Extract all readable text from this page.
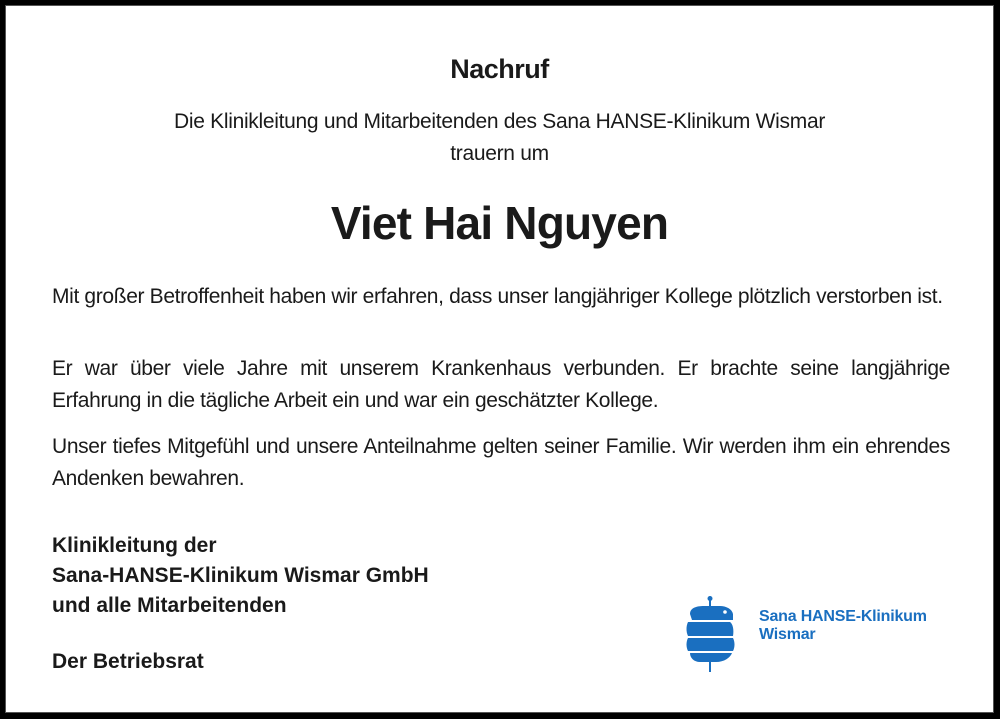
Nachruf
Die Klinikleitung und Mitarbeitenden des Sana HANSE-Klinikum Wismar
trauern um
Viet Hai Nguyen
Mit großer Betroffenheit haben wir erfahren, dass unser langjähriger Kollege plötzlich verstorben ist.
Er war über viele Jahre mit unserem Krankenhaus verbunden. Er brachte seine langjährige Erfahrung in die tägliche Arbeit ein und war ein geschätzter Kollege.
Unser tiefes Mitgefühl und unsere Anteilnahme gelten seiner Familie. Wir werden ihm ein ehrendes Andenken bewahren.
Klinikleitung der
Sana-HANSE-Klinikum Wismar GmbH
und alle Mitarbeitenden
Der Betriebsrat
Sana HANSE-Klinikum
Wismar
